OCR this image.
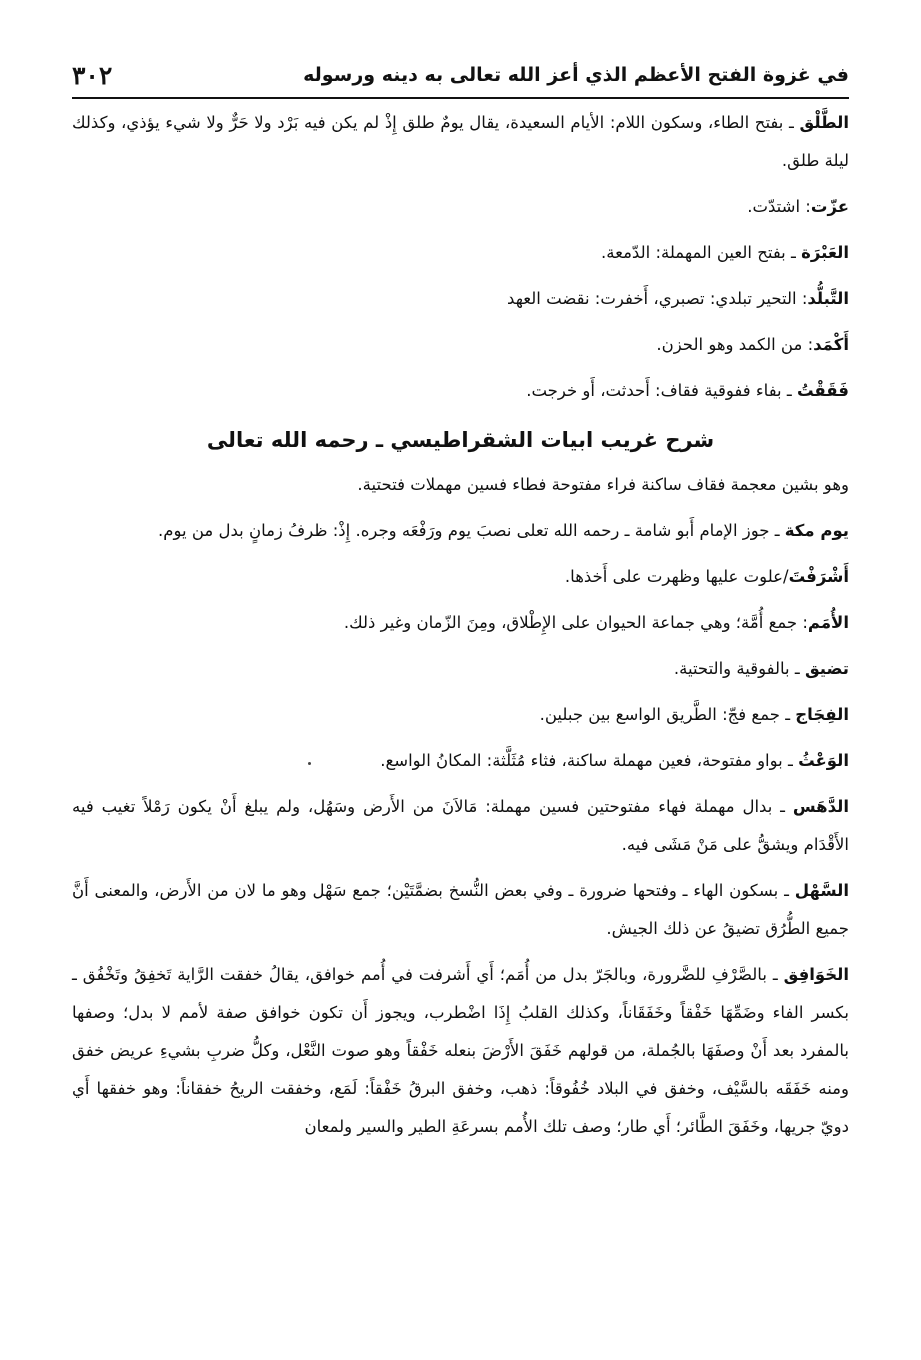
٣٠٢	في غزوة الفتح الأعظم الذي أعز الله تعالى به دينه ورسوله

الطَّلْق ـ بفتح الطاء، وسكون اللام: الأيام السعيدة، يقال يومٌ طلق إِذْ لم يكن فيه بَرْد ولا حَرٌّ ولا شيء يؤذي، وكذلك ليلة طلق.

عزّت: اشتدّت.

العَبْرَة ـ بفتح العين المهملة: الدّمعة.

التَّبلُّد: التحير تبلدي: تصبري، أَخفرت: نقضت العهد

أَكْمَد: من الكمد وهو الحزن.

فَقَقْتُ ـ بفاء ففوقية فقاف: أَحدثت، أَو خرجت.

شرح غريب ابيات الشقراطيسي ـ رحمه الله تعالى

وهو بشين معجمة فقاف ساكنة فراء مفتوحة فطاء فسين مهملات فتحتية.

يوم مكة ـ جوز الإمام أَبو شامة ـ رحمه الله تعلى نصبَ يوم ورَفْعَه وجره. إِذْ: ظرفُ زمانٍ بدل من يوم.

أَشْرَفْتَ/علوت عليها وظهرت على أَخذها.

الأُمَم: جمع أُمَّة؛ وهي جماعة الحيوان على الإِطْلاق، ومِنَ الزّمان وغير ذلك.

تضيق ـ بالفوقية والتحتية.

الفِجَاج ـ جمع فجّ: الطَّريق الواسع بين جبلين.

الوَعْثُ ـ بواو مفتوحة، فعين مهملة ساكنة، فثاء مُثَلَّثة: المكانُ الواسع.

الدَّهَس ـ بدال مهملة فهاء مفتوحتين فسين مهملة: مَالاَنَ من الأَرض وسَهُل، ولم يبلغ أَنْ يكون رَمْلاً تغيب فيه الأَقْدَام ويشقُّ على مَنْ مَشَى فيه.

السَّهْل ـ بسكون الهاء ـ وفتحها ضرورة ـ وفي بعض النُّسخ بضمَّتَيْن؛ جمع سَهْل وهو ما لان من الأَرض، والمعنى أَنَّ جميع الطُّرُق تضيقُ عن ذلك الجيش.

الخَوَافِق ـ بالصَّرْفِ للضَّرورة، وبالجَرّ بدل من أُمَم؛ أَي أَشرفت في أُمم خوافق، يقالُ خفقت الرَّاية تَخفِقُ وتَخْفُق ـ بكسر الفاء وضَمِّهَا خَفْقاً وخَفَقَاناً، وكذلك القلبُ إِذَا اضْطرب، ويجوز أَن تكون خوافق صفة لأمم لا بدل؛ وصفها بالمفرد بعد أَنْ وصفَهَا بالجُملة، من قولهم خَفَقَ الأَرْضَ بنعله خَفْقاً وهو صوت النَّعْل، وكلُّ ضربِ بشيءِ عريض خفق ومنه خَفَقَه بالسَّيْف، وخفق في البلاد خُفُوقاً: ذهب، وخفق البرقُ خَفْقاً: لَمَع، وخفقت الريحُ خفقاناً: وهو خفقها أَي دويّ جريها، وخَفَقَ الطَّائر؛ أَي طار؛ وصف تلك الأُمم بسرعَةِ الطير والسير ولمعان
